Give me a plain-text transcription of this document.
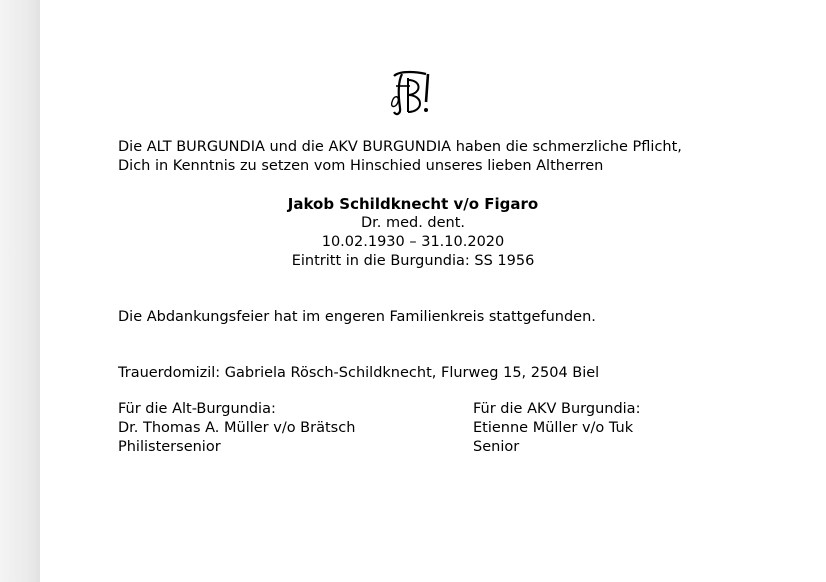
Die ALT BURGUNDIA und die AKV BURGUNDIA haben die schmerzliche Pflicht,
Dich in Kenntnis zu setzen vom Hinschied unseres lieben Altherren
Jakob Schildknecht v/o Figaro
Dr. med. dent.
10.02.1930 – 31.10.2020
Eintritt in die Burgundia: SS 1956
Die Abdankungsfeier hat im engeren Familienkreis stattgefunden.
Trauerdomizil: Gabriela Rösch-Schildknecht, Flurweg 15, 2504 Biel
Für die Alt-Burgundia:
Dr. Thomas A. Müller v/o Brätsch
Philistersenior
Für die AKV Burgundia:
Etienne Müller v/o Tuk
Senior
